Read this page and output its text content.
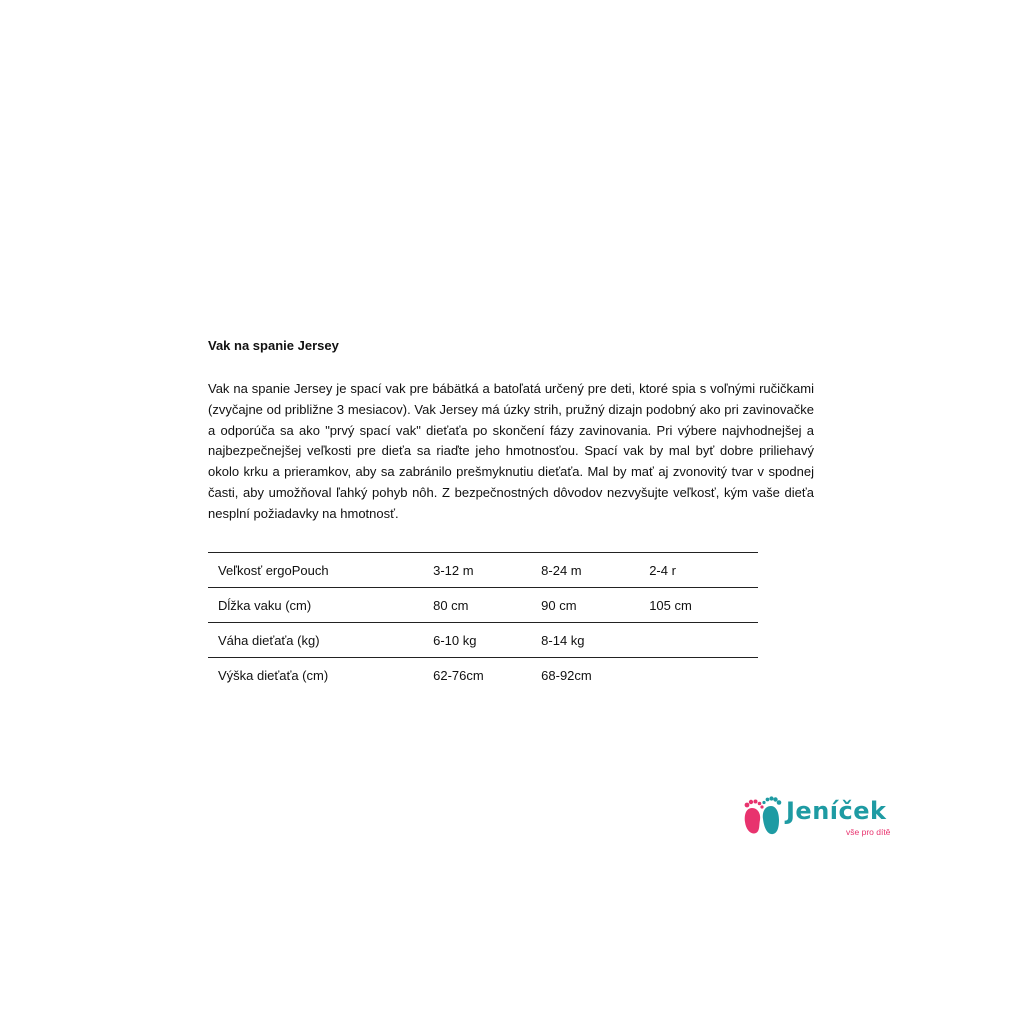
Vak na spanie Jersey

Vak na spanie Jersey je spací vak pre bábätká a batoľatá určený pre deti, ktoré spia s voľnými ručičkami (zvyčajne od približne 3 mesiacov). Vak Jersey má úzky strih, pružný dizajn podobný ako pri zavinovačke a odporúča sa ako "prvý spací vak" dieťaťa po skončení fázy zavinovania. Pri výbere najvhodnejšej a najbezpečnejšej veľkosti pre dieťa sa riaďte jeho hmotnosťou. Spací vak by mal byť dobre priliehavý okolo krku a prieramkov, aby sa zabránilo prešmyknutiu dieťaťa. Mal by mať aj zvonovitý tvar v spodnej časti, aby umožňoval ľahký pohyb nôh. Z bezpečnostných dôvodov nezvyšujte veľkosť, kým vaše dieťa nesplní požiadavky na hmotnosť.

Veľkosť ergoPouch	3-12 m	8-24 m	2-4 r
Dĺžka vaku (cm)	80 cm	90 cm	105 cm
Váha dieťaťa (kg)	6-10 kg	8-14 kg	
Výška dieťaťa (cm)	62-76cm	68-92cm	
Jeníček
vše pro dítě
